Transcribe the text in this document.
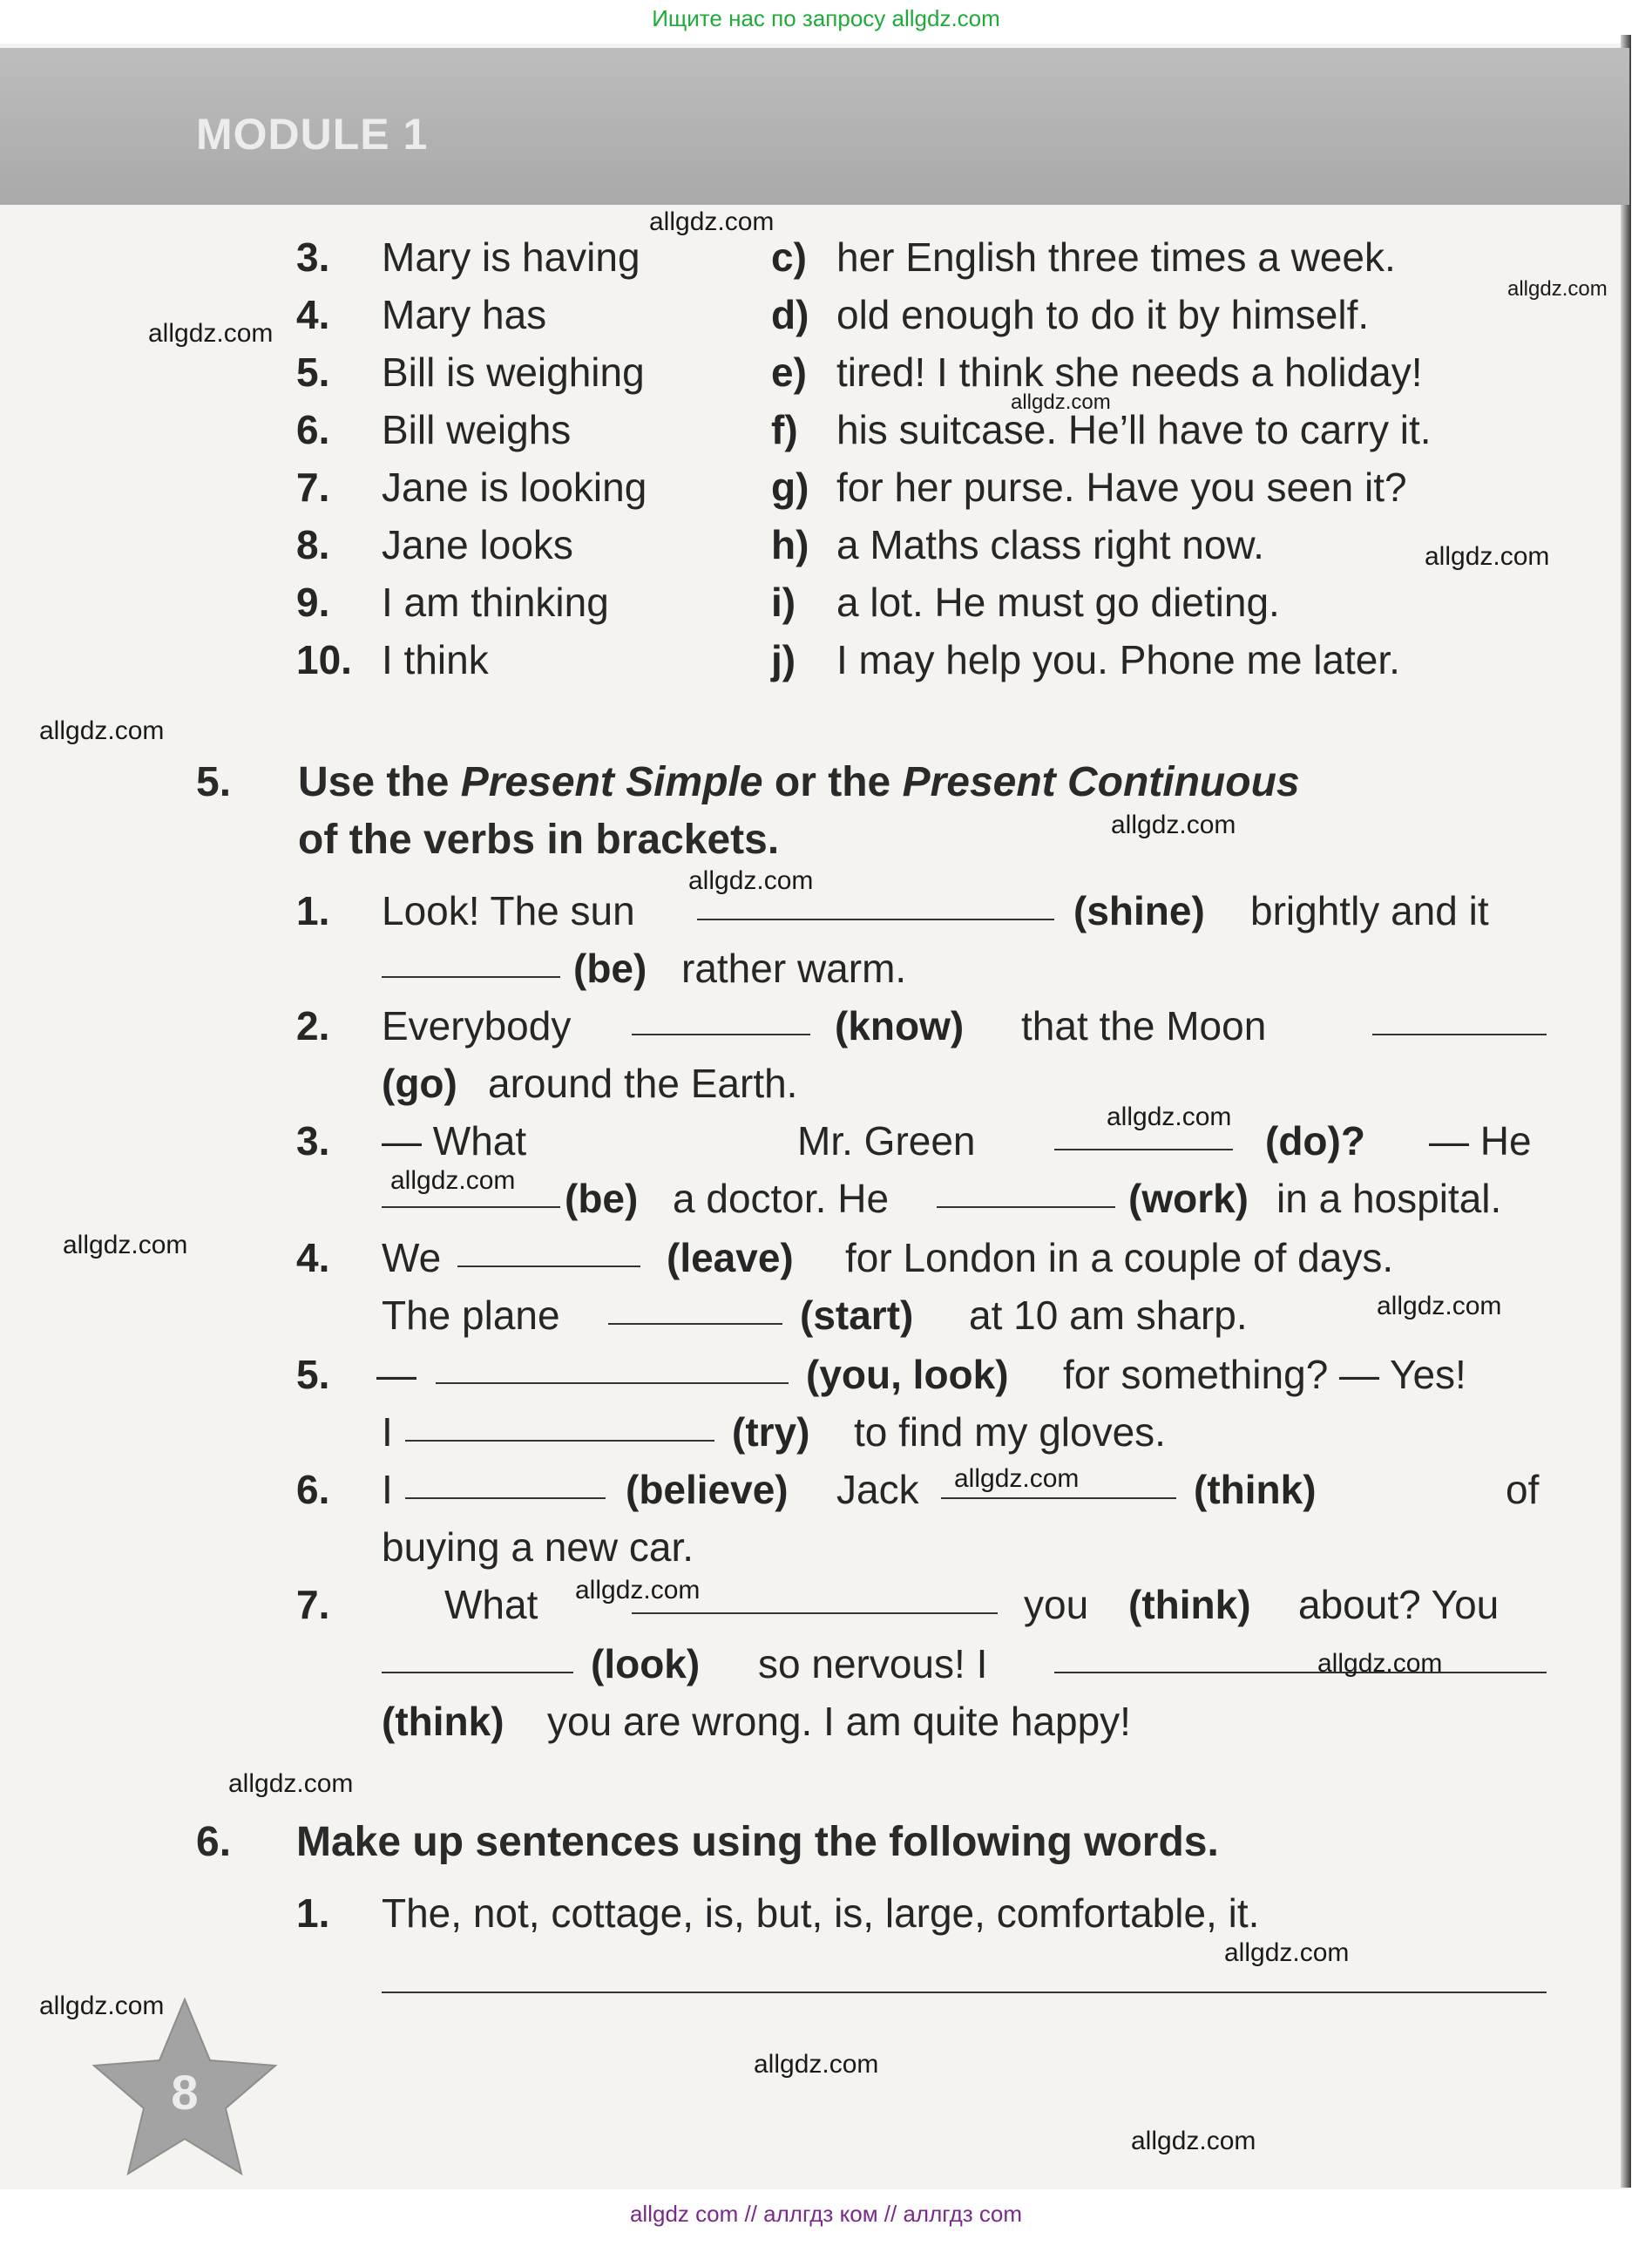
Ищите нас по запросу allgdz.com
MODULE 1
3. Mary is having	c) her English three times a week.
4. Mary has	d) old enough to do it by himself.
5. Bill is weighing	e) tired! I think she needs a holiday!
6. Bill weighs	f) his suitcase. He’ll have to carry it.
7. Jane is looking	g) for her purse. Have you seen it?
8. Jane looks	h) a Maths class right now.
9. I am thinking	i) a lot. He must go dieting.
10. I think	j) I may help you. Phone me later.
5. Use the Present Simple or the Present Continuous
of the verbs in brackets.
1. Look! The sun	(shine) brightly and it
(be) rather warm.
2. Everybody	(know) that the Moon
(go) around the Earth.
3. — What	Mr. Green	(do)? — He
(be) a doctor. He	(work) in a hospital.
4. We	(leave) for London in a couple of days.
The plane	(start) at 10 am sharp.
5. —	(you, look) for something? — Yes!
I	(try) to find my gloves.
6. I	(believe) Jack	(think)	of
buying a new car.
7.	What	you (think) about? You
(look) so nervous! I
(think) you are wrong. I am quite happy!
6. Make up sentences using the following words.
1. The, not, cottage, is, but, is, large, comfortable, it.
8
allgdz.com
allgdz.com
allgdz.com
allgdz.com
allgdz.com
allgdz.com
allgdz.com
allgdz.com
allgdz.com
allgdz.com
allgdz.com
allgdz.com
allgdz.com
allgdz.com
allgdz.com
allgdz.com
allgdz.com
allgdz.com
allgdz.com
allgdz.com
allgdz com // аллгдз ком // аллгдз сom
